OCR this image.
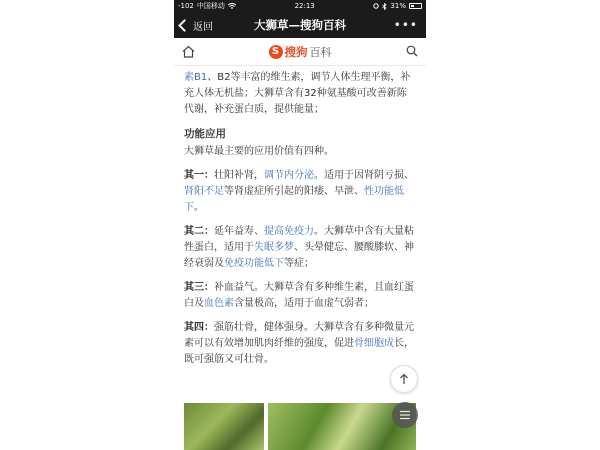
-102 中国移动	22:13	31%
返回	大狮草—搜狗百科	•••
S 搜狗 百科

素B1、B2等丰富的维生素，调节人体生理平衡，补充人体无机盐；大狮草含有32种氨基酸可改善新陈代谢，补充蛋白质，提供能量；

功能应用

大狮草最主要的应用价值有四种。

其一：壮阳补肾，调节内分泌。适用于因肾阴亏损、肾阳不足等肾虚症所引起的阳痿、早泄、性功能低下。

其二：延年益寿、提高免疫力。大狮草中含有大量粘性蛋白，适用于失眠多梦、头晕健忘、腰酸膝软、神经衰弱及免疫功能低下等症；

其三：补血益气。大狮草含有多种维生素，且血红蛋白及血色素含量极高，适用于血虚气弱者；

其四：强筋壮骨，健体强身。大狮草含有多种微量元素可以有效增加肌肉纤维的强度，促进骨细胞成长，既可强筋又可壮骨。
